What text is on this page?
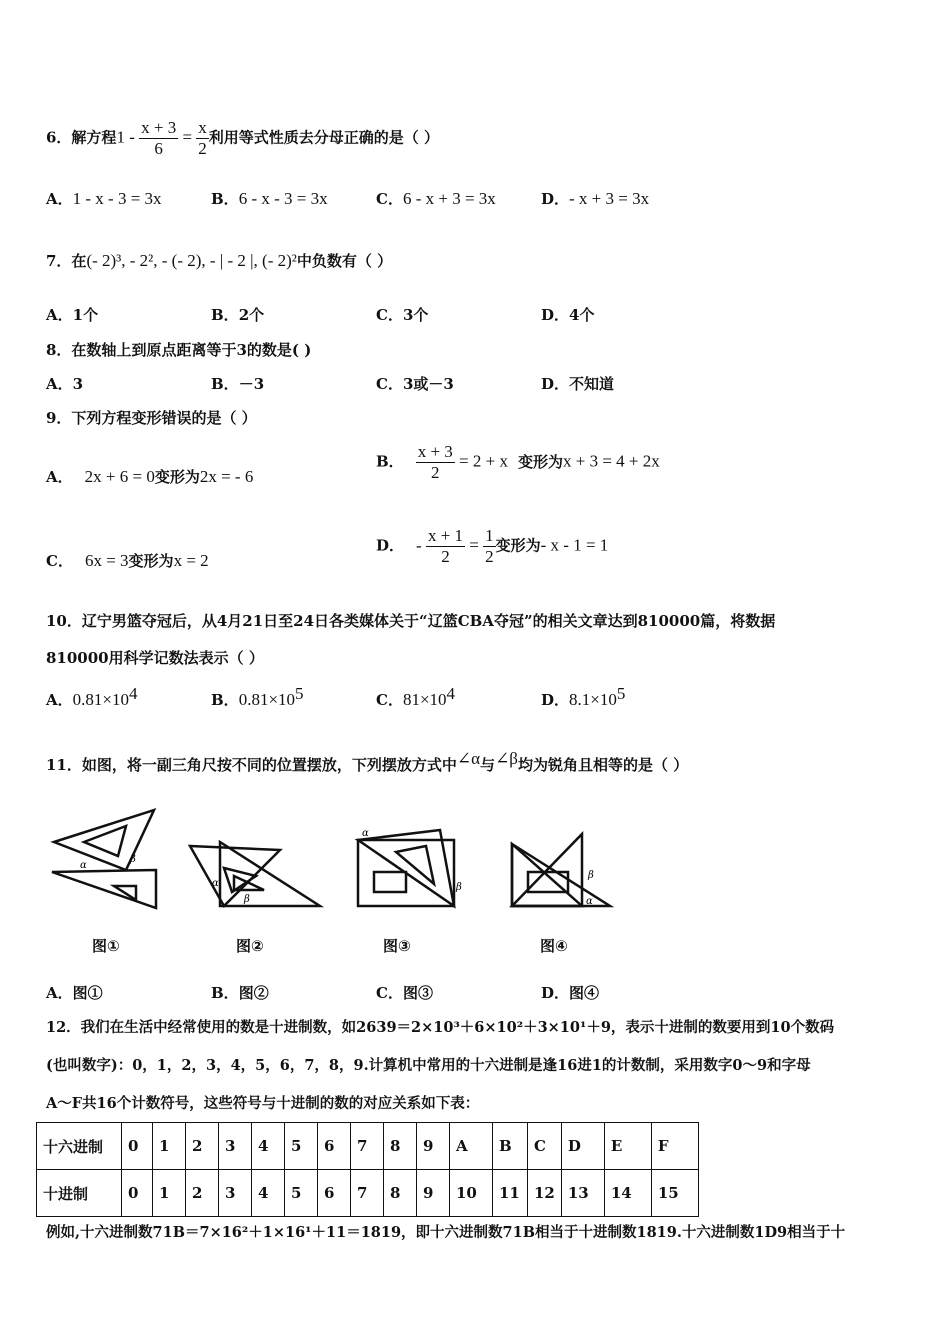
6．解方程$1 - \frac{x + 3}{6} = \frac{x}{2}$ 利用等式性质去分母正确的是（ ）
A．1 - x - 3 = 3x	B．6 - x - 3 = 3x	C．6 - x + 3 = 3x	D．- x + 3 = 3x
7．在(- 2)³, - 2², - (- 2), - | - 2 |, (- 2)²中负数有（ ）
A．1个	B．2个	C．3个	D．4个
8．在数轴上到原点距离等于3的数是( )
A．3	B．－3	C．3或－3	D．不知道
9．下列方程变形错误的是（ ）
A． 2x + 6 = 0变形为2x = - 6
B． $\frac{x + 3}{2} = 2 + x$ 变形为x + 3 = 4 + 2x
C． 6x = 3变形为x = 2
D． - $\frac{x + 1}{2} = \frac{1}{2}$ 变形为- x - 1 = 1
10．辽宁男篮夺冠后，从4月21日至24日各类媒体关于“辽篮CBA夺冠”的相关文章达到810000篇，将数据
810000用科学记数法表示（ ）
A．$0.81\times 10^4$	B．$0.81\times 10^5$	C．$81\times 10^4$	D．$8.1\times 10^5$
11．如图，将一副三角尺按不同的位置摆放，下列摆放方式中∠α与∠β均为锐角且相等的是（ ）
α
β
α
β
α
β
β
α
图①	图②	图③	图④
A．图①	B．图②	C．图③	D．图④
12．我们在生活中经常使用的数是十进制数，如2639＝2×10³＋6×10²＋3×10¹＋9，表示十进制的数要用到10个数码
(也叫数字)：0，1，2，3，4，5，6，7，8，9.计算机中常用的十六进制是逢16进1的计数制，采用数字0～9和字母
A～F共16个计数符号，这些符号与十进制的数的对应关系如下表：
十六进制	0	1	2	3	4	5	6	7	8	9	A	B	C	D	E	F
十进制	0	1	2	3	4	5	6	7	8	9	10	11	12	13	14	15
例如,十六进制数71B＝7×16²＋1×16¹＋11＝1819，即十六进制数71B相当于十进制数1819.十六进制数1D9相当于十
